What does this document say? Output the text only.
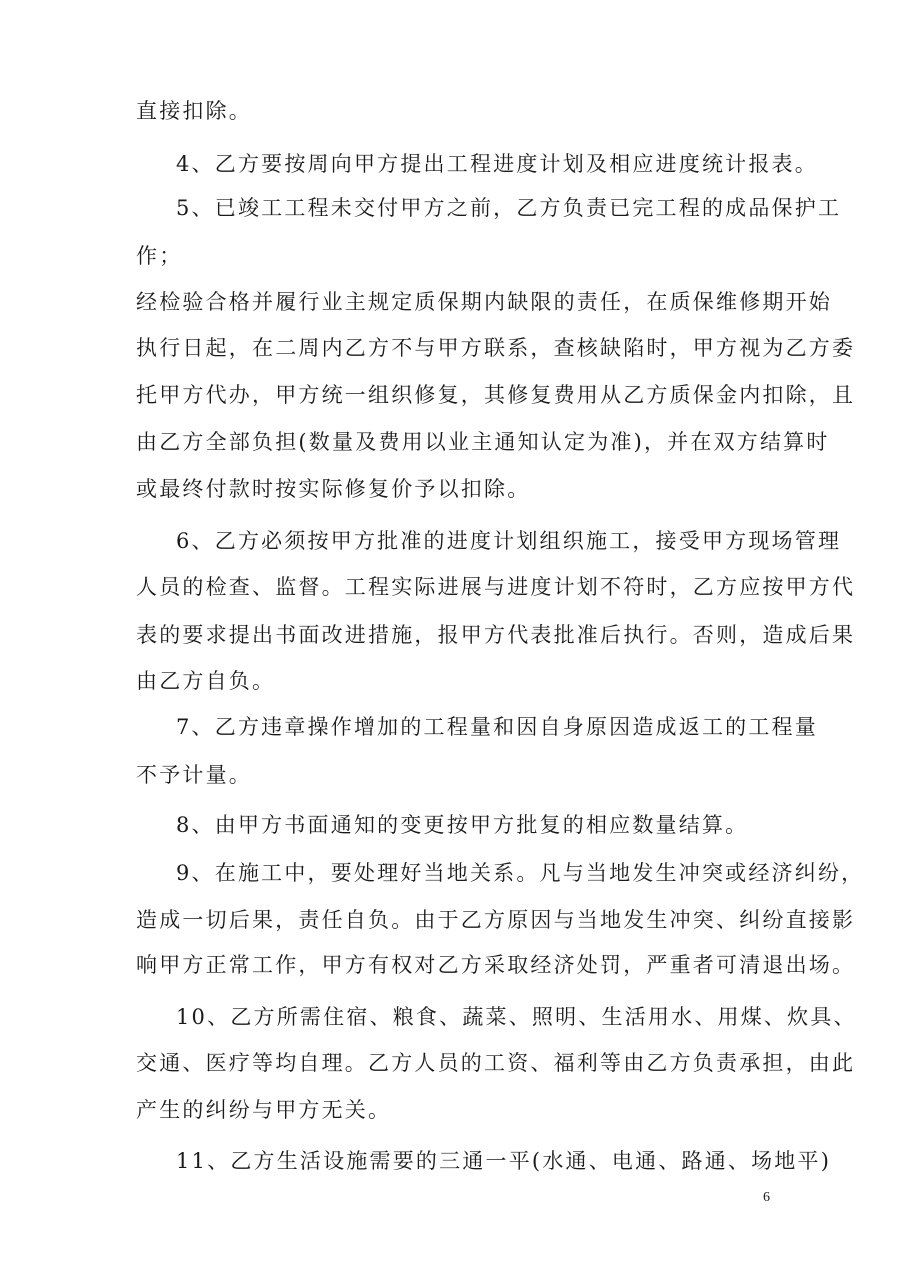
直接扣除。
4、乙方要按周向甲方提出工程进度计划及相应进度统计报表。
5、已竣工工程未交付甲方之前，乙方负责已完工程的成品保护工
作；
经检验合格并履行业主规定质保期内缺限的责任，在质保维修期开始
执行日起，在二周内乙方不与甲方联系，查核缺陷时，甲方视为乙方委
托甲方代办，甲方统一组织修复，其修复费用从乙方质保金内扣除，且
由乙方全部负担(数量及费用以业主通知认定为准)，并在双方结算时
或最终付款时按实际修复价予以扣除。
6、乙方必须按甲方批准的进度计划组织施工，接受甲方现场管理
人员的检查、监督。工程实际进展与进度计划不符时，乙方应按甲方代
表的要求提出书面改进措施，报甲方代表批准后执行。否则，造成后果
由乙方自负。
7、乙方违章操作增加的工程量和因自身原因造成返工的工程量
不予计量。
8、由甲方书面通知的变更按甲方批复的相应数量结算。
9、在施工中，要处理好当地关系。凡与当地发生冲突或经济纠纷，
造成一切后果，责任自负。由于乙方原因与当地发生冲突、纠纷直接影
响甲方正常工作，甲方有权对乙方采取经济处罚，严重者可清退出场。
10、乙方所需住宿、粮食、蔬菜、照明、生活用水、用煤、炊具、
交通、医疗等均自理。乙方人员的工资、福利等由乙方负责承担，由此
产生的纠纷与甲方无关。
11、乙方生活设施需要的三通一平(水通、电通、路通、场地平)
6
